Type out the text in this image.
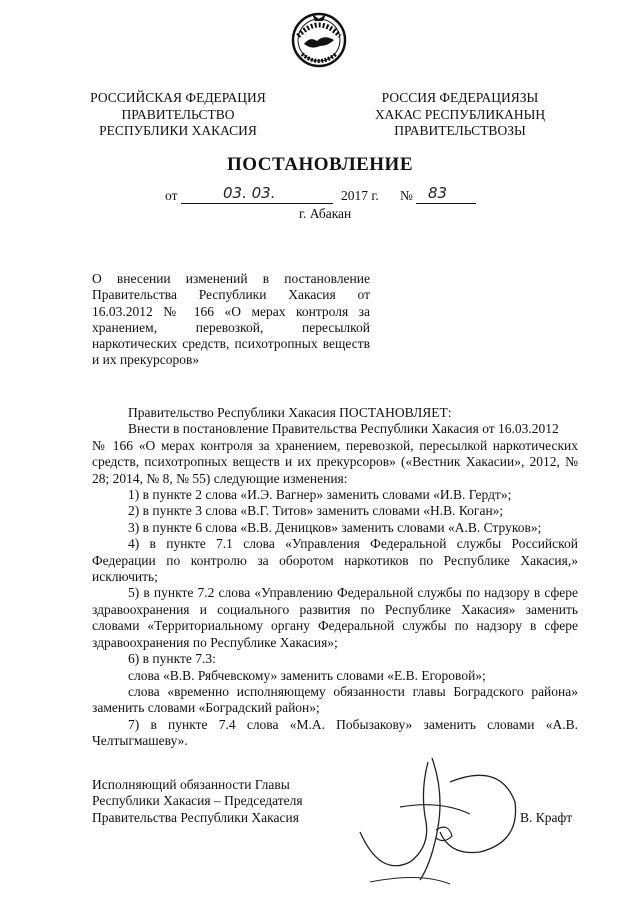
РОССИЙСКАЯ ФЕДЕРАЦИЯ
ПРАВИТЕЛЬСТВО
РЕСПУБЛИКИ ХАКАСИЯ
РОССИЯ ФЕДЕРАЦИЯЗЫ
ХАКАС РЕСПУБЛИКАНЫҢ
ПРАВИТЕЛЬСТВОЗЫ
ПОСТАНОВЛЕНИЕ
от	03. 03.	2017 г. № 83
г. Абакан
О внесении изменений в постановление Правительства Республики Хакасия от 16.03.2012 № 166 «О мерах контроля за хранением, перевозкой, пересылкой наркотических средств, психотропных веществ и их прекурсоров»

Правительство Республики Хакасия ПОСТАНОВЛЯЕТ:

Внести в постановление Правительства Республики Хакасия от 16.03.2012

№ 166 «О мерах контроля за хранением, перевозкой, пересылкой наркотических средств, психотропных веществ и их прекурсоров» («Вестник Хакасии», 2012, № 28; 2014, № 8, № 55) следующие изменения:

1) в пункте 2 слова «И.Э. Вагнер» заменить словами «И.В. Гердт»;

2) в пункте 3 слова «В.Г. Титов» заменить словами «Н.В. Коган»;

3) в пункте 6 слова «В.В. Деницков» заменить словами «А.В. Струков»;

4) в пункте 7.1 слова «Управления Федеральной службы Российской Федерации по контролю за оборотом наркотиков по Республике Хакасия,» исключить;

5) в пункте 7.2 слова «Управлению Федеральной службы по надзору в сфере здравоохранения и социального развития по Республике Хакасия» заменить словами «Территориальному органу Федеральной службы по надзору в сфере здравоохранения по Республике Хакасия»;

6) в пункте 7.3:

слова «В.В. Рябчевскому» заменить словами «Е.В. Егоровой»;

слова «временно исполняющему обязанности главы Боградского района» заменить словами «Боградский район»;

7) в пункте 7.4 слова «М.А. Побызакову» заменить словами «А.В. Челтыгмашеву».

Исполняющий обязанности Главы
Республики Хакасия – Председателя
Правительства Республики Хакасия	В. Крафт
